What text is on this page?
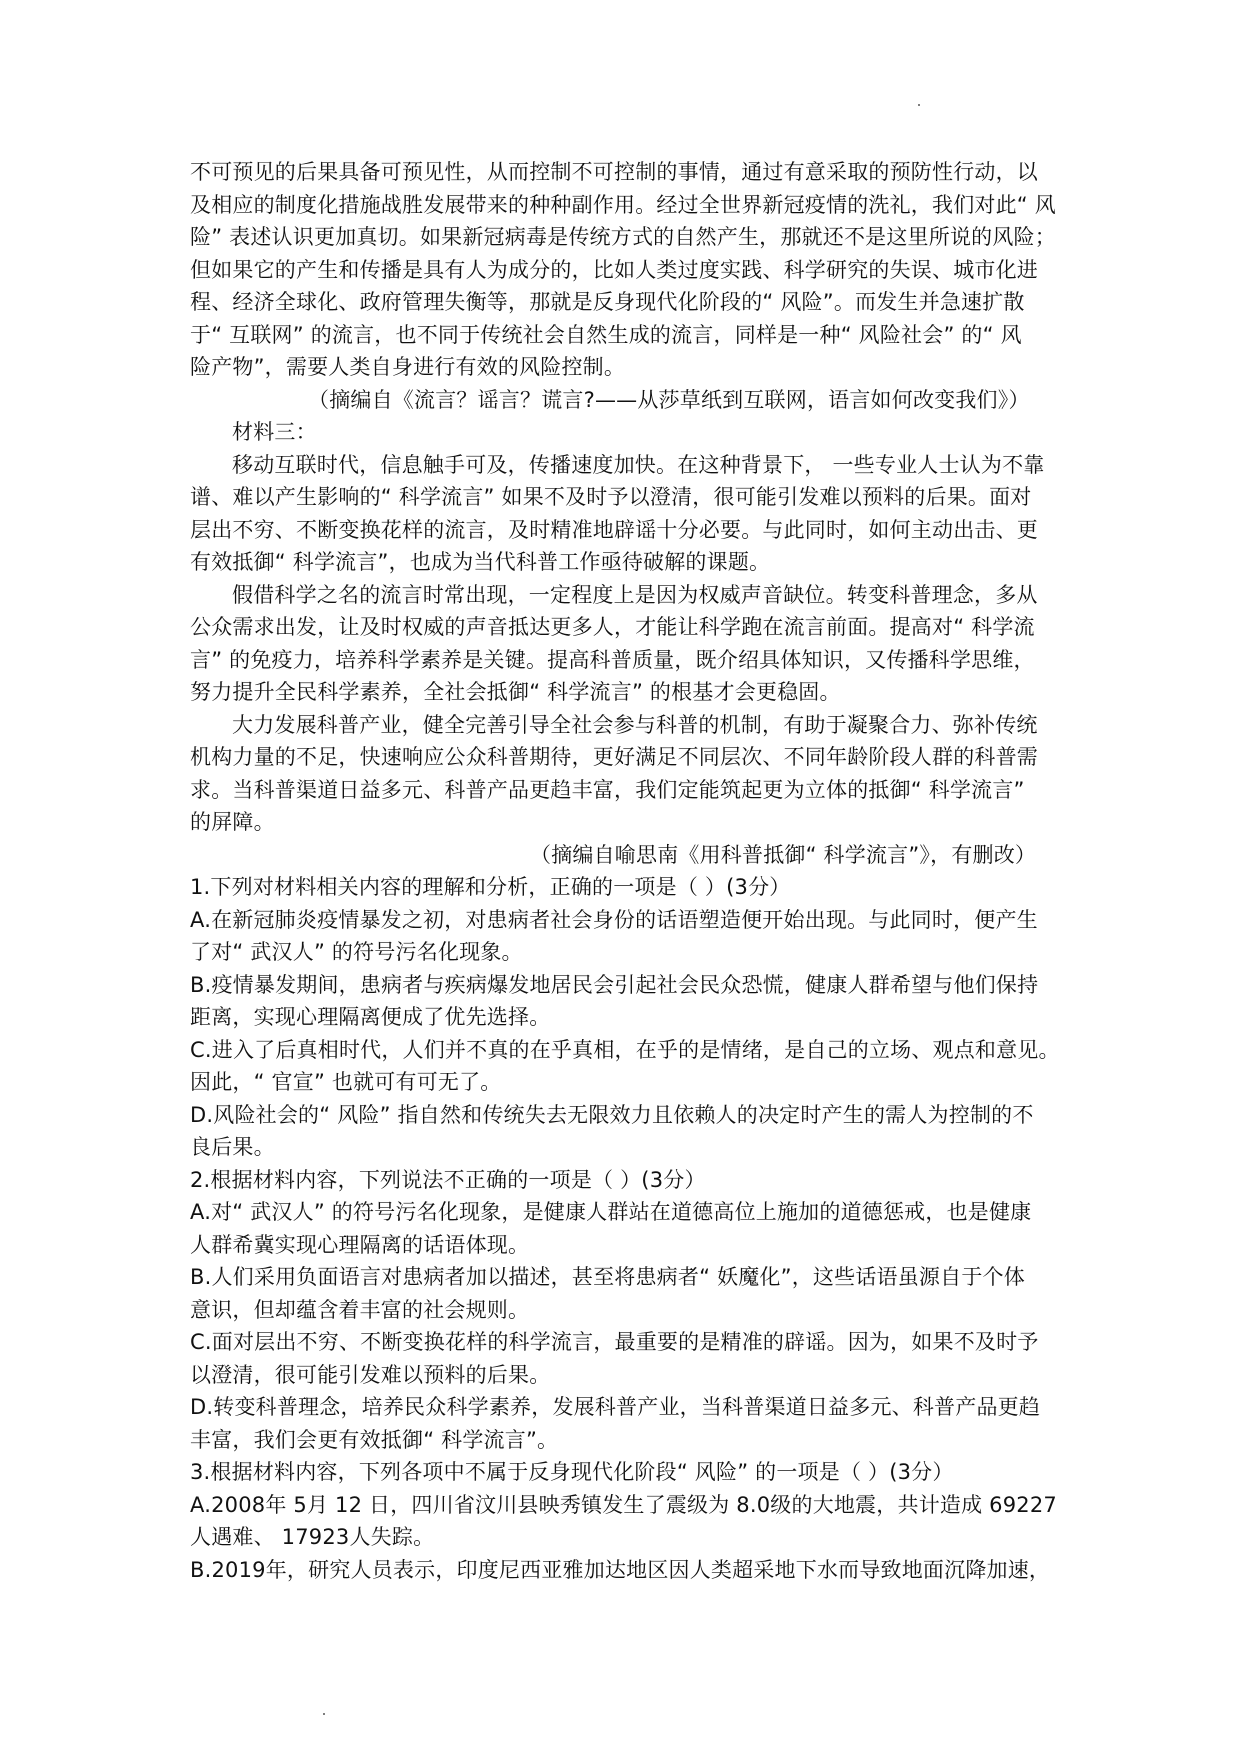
不可预见的后果具备可预见性，从而控制不可控制的事情，通过有意采取的预防性行动，以
及相应的制度化措施战胜发展带来的种种副作用。经过全世界新冠疫情的洗礼，我们对此“ 风
险” 表述认识更加真切。如果新冠病毒是传统方式的自然产生，那就还不是这里所说的风险；
但如果它的产生和传播是具有人为成分的，比如人类过度实践、科学研究的失误、城市化进
程、经济全球化、政府管理失衡等，那就是反身现代化阶段的“ 风险”。而发生并急速扩散
于“ 互联网” 的流言，也不同于传统社会自然生成的流言，同样是一种“ 风险社会” 的“ 风
险产物”，需要人类自身进行有效的风险控制。
（摘编自《流言？谣言？谎言?——从莎草纸到互联网，语言如何改变我们》）
材料三：
移动互联时代，信息触手可及，传播速度加快。在这种背景下， 一些专业人士认为不靠
谱、难以产生影响的“ 科学流言” 如果不及时予以澄清，很可能引发难以预料的后果。面对
层出不穷、不断变换花样的流言，及时精准地辟谣十分必要。与此同时，如何主动出击、更
有效抵御“ 科学流言”，也成为当代科普工作亟待破解的课题。
假借科学之名的流言时常出现，一定程度上是因为权威声音缺位。转变科普理念，多从
公众需求出发，让及时权威的声音抵达更多人，才能让科学跑在流言前面。提高对“ 科学流
言” 的免疫力，培养科学素养是关键。提高科普质量，既介绍具体知识，又传播科学思维，
努力提升全民科学素养，全社会抵御“ 科学流言” 的根基才会更稳固。
大力发展科普产业，健全完善引导全社会参与科普的机制，有助于凝聚合力、弥补传统
机构力量的不足，快速响应公众科普期待，更好满足不同层次、不同年龄阶段人群的科普需
求。当科普渠道日益多元、科普产品更趋丰富，我们定能筑起更为立体的抵御“ 科学流言”
的屏障。
（摘编自喻思南《用科普抵御“ 科学流言”》，有删改）
1.下列对材料相关内容的理解和分析，正确的一项是（ ）(3分）
A.在新冠肺炎疫情暴发之初，对患病者社会身份的话语塑造便开始出现。与此同时，便产生
了对“ 武汉人” 的符号污名化现象。
B.疫情暴发期间，患病者与疾病爆发地居民会引起社会民众恐慌，健康人群希望与他们保持
距离，实现心理隔离便成了优先选择。
C.进入了后真相时代，人们并不真的在乎真相，在乎的是情绪，是自己的立场、观点和意见。
因此，“ 官宣” 也就可有可无了。
D.风险社会的“ 风险” 指自然和传统失去无限效力且依赖人的决定时产生的需人为控制的不
良后果。
2.根据材料内容，下列说法不正确的一项是（ ）(3分）
A.对“ 武汉人” 的符号污名化现象，是健康人群站在道德高位上施加的道德惩戒，也是健康
人群希冀实现心理隔离的话语体现。
B.人们采用负面语言对患病者加以描述，甚至将患病者“ 妖魔化”，这些话语虽源自于个体
意识，但却蕴含着丰富的社会规则。
C.面对层出不穷、不断变换花样的科学流言，最重要的是精准的辟谣。因为，如果不及时予
以澄清，很可能引发难以预料的后果。
D.转变科普理念，培养民众科学素养，发展科普产业，当科普渠道日益多元、科普产品更趋
丰富，我们会更有效抵御“ 科学流言”。
3.根据材料内容，下列各项中不属于反身现代化阶段“ 风险” 的一项是（ ）(3分）
A.2008年 5月 12 日，四川省汶川县映秀镇发生了震级为 8.0级的大地震，共计造成 69227
人遇难、 17923人失踪。
B.2019年，研究人员表示，印度尼西亚雅加达地区因人类超采地下水而导致地面沉降加速，
